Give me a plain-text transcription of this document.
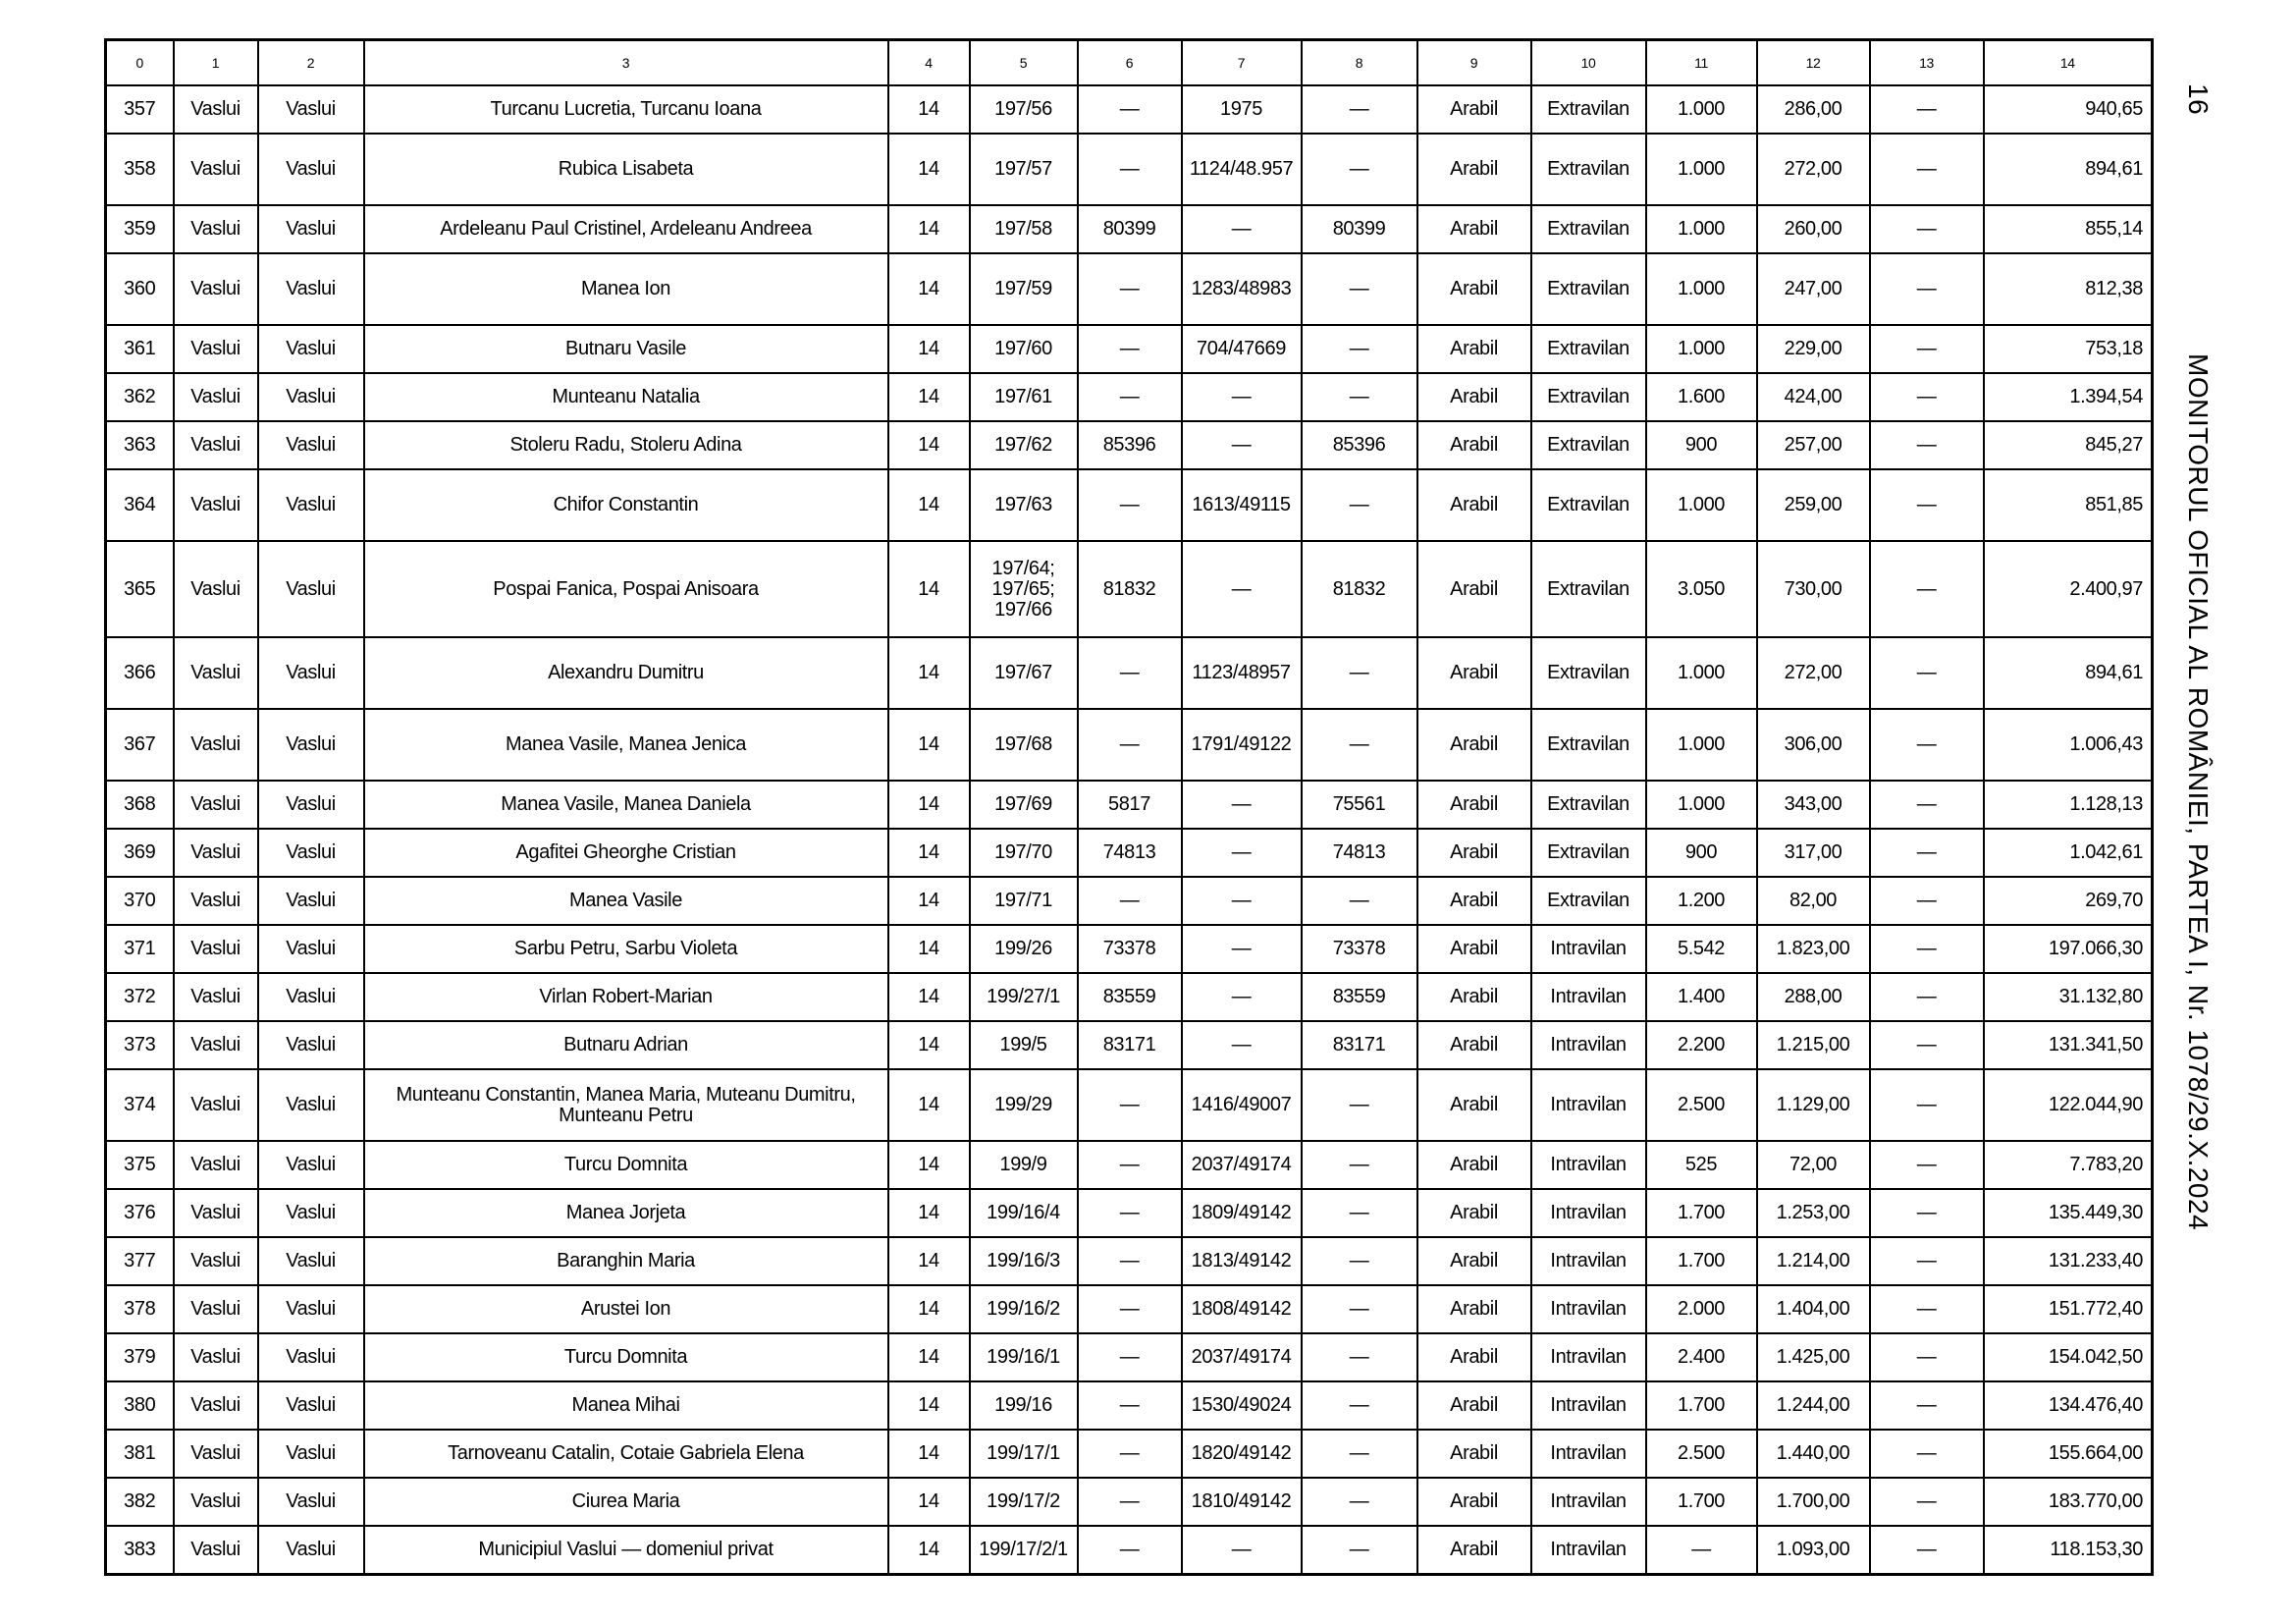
0	1	2	3	4	5	6	7	8	9	10	11	12	13	14
357	Vaslui	Vaslui	Turcanu Lucretia, Turcanu Ioana	14	197/56	—	1975	—	Arabil	Extravilan	1.000	286,00	—	940,65
358	Vaslui	Vaslui	Rubica Lisabeta	14	197/57	—	1124/48.957	—	Arabil	Extravilan	1.000	272,00	—	894,61
359	Vaslui	Vaslui	Ardeleanu Paul Cristinel, Ardeleanu Andreea	14	197/58	80399	—	80399	Arabil	Extravilan	1.000	260,00	—	855,14
360	Vaslui	Vaslui	Manea Ion	14	197/59	—	1283/48983	—	Arabil	Extravilan	1.000	247,00	—	812,38
361	Vaslui	Vaslui	Butnaru Vasile	14	197/60	—	704/47669	—	Arabil	Extravilan	1.000	229,00	—	753,18
362	Vaslui	Vaslui	Munteanu Natalia	14	197/61	—	—	—	Arabil	Extravilan	1.600	424,00	—	1.394,54
363	Vaslui	Vaslui	Stoleru Radu, Stoleru Adina	14	197/62	85396	—	85396	Arabil	Extravilan	900	257,00	—	845,27
364	Vaslui	Vaslui	Chifor Constantin	14	197/63	—	1613/49115	—	Arabil	Extravilan	1.000	259,00	—	851,85
365	Vaslui	Vaslui	Pospai Fanica, Pospai Anisoara	14	197/64; 197/65; 197/66	81832	—	81832	Arabil	Extravilan	3.050	730,00	—	2.400,97
366	Vaslui	Vaslui	Alexandru Dumitru	14	197/67	—	1123/48957	—	Arabil	Extravilan	1.000	272,00	—	894,61
367	Vaslui	Vaslui	Manea Vasile, Manea Jenica	14	197/68	—	1791/49122	—	Arabil	Extravilan	1.000	306,00	—	1.006,43
368	Vaslui	Vaslui	Manea Vasile, Manea Daniela	14	197/69	5817	—	75561	Arabil	Extravilan	1.000	343,00	—	1.128,13
369	Vaslui	Vaslui	Agafitei Gheorghe Cristian	14	197/70	74813	—	74813	Arabil	Extravilan	900	317,00	—	1.042,61
370	Vaslui	Vaslui	Manea Vasile	14	197/71	—	—	—	Arabil	Extravilan	1.200	82,00	—	269,70
371	Vaslui	Vaslui	Sarbu Petru, Sarbu Violeta	14	199/26	73378	—	73378	Arabil	Intravilan	5.542	1.823,00	—	197.066,30
372	Vaslui	Vaslui	Virlan Robert-Marian	14	199/27/1	83559	—	83559	Arabil	Intravilan	1.400	288,00	—	31.132,80
373	Vaslui	Vaslui	Butnaru Adrian	14	199/5	83171	—	83171	Arabil	Intravilan	2.200	1.215,00	—	131.341,50
374	Vaslui	Vaslui	Munteanu Constantin, Manea Maria, Muteanu Dumitru, Munteanu Petru	14	199/29	—	1416/49007	—	Arabil	Intravilan	2.500	1.129,00	—	122.044,90
375	Vaslui	Vaslui	Turcu Domnita	14	199/9	—	2037/49174	—	Arabil	Intravilan	525	72,00	—	7.783,20
376	Vaslui	Vaslui	Manea Jorjeta	14	199/16/4	—	1809/49142	—	Arabil	Intravilan	1.700	1.253,00	—	135.449,30
377	Vaslui	Vaslui	Baranghin Maria	14	199/16/3	—	1813/49142	—	Arabil	Intravilan	1.700	1.214,00	—	131.233,40
378	Vaslui	Vaslui	Arustei Ion	14	199/16/2	—	1808/49142	—	Arabil	Intravilan	2.000	1.404,00	—	151.772,40
379	Vaslui	Vaslui	Turcu Domnita	14	199/16/1	—	2037/49174	—	Arabil	Intravilan	2.400	1.425,00	—	154.042,50
380	Vaslui	Vaslui	Manea Mihai	14	199/16	—	1530/49024	—	Arabil	Intravilan	1.700	1.244,00	—	134.476,40
381	Vaslui	Vaslui	Tarnoveanu Catalin, Cotaie Gabriela Elena	14	199/17/1	—	1820/49142	—	Arabil	Intravilan	2.500	1.440,00	—	155.664,00
382	Vaslui	Vaslui	Ciurea Maria	14	199/17/2	—	1810/49142	—	Arabil	Intravilan	1.700	1.700,00	—	183.770,00
383	Vaslui	Vaslui	Municipiul Vaslui — domeniul privat	14	199/17/2/1	—	—	—	Arabil	Intravilan	—	1.093,00	—	118.153,30
16
MONITORUL OFICIAL AL ROMÂNIEI, PARTEA I, Nr. 1078/29.X.2024
